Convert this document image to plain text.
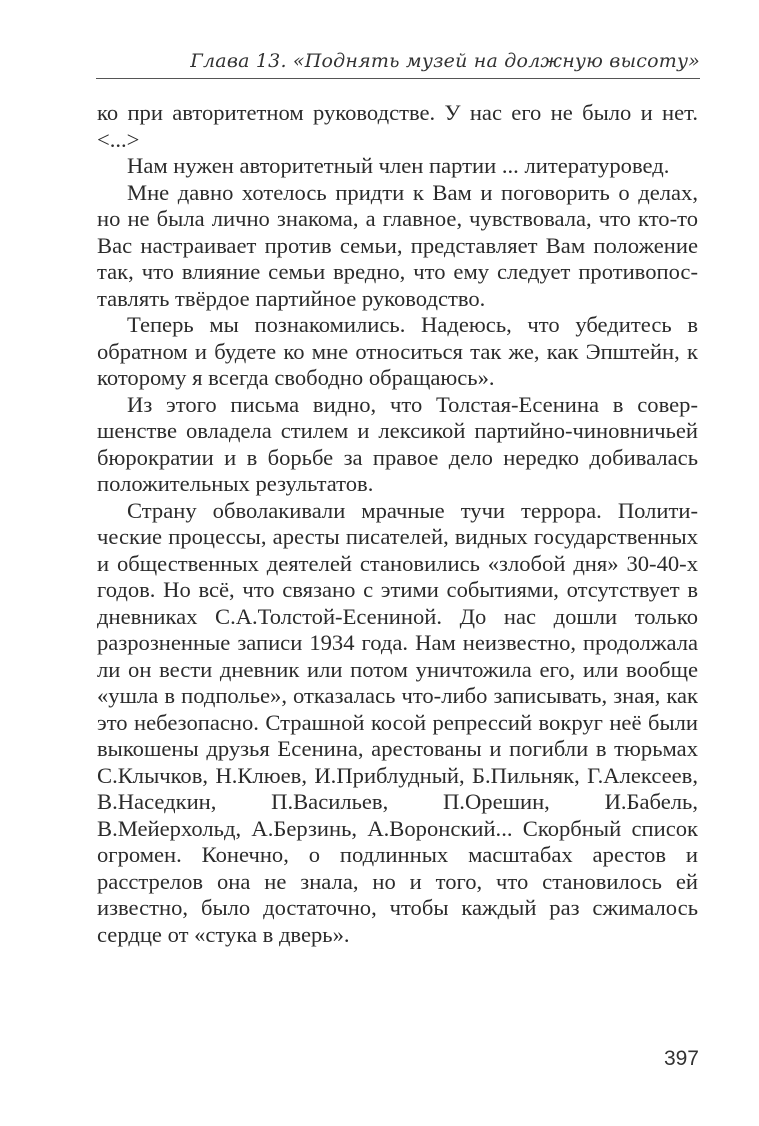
Глава 13. «Поднять музей на должную высоту»

ко при авторитетном руководстве. У нас его не было и нет. <...>

Нам нужен авторитетный член партии ... литературовед.

Мне давно хотелось придти к Вам и поговорить о делах, но не была лично знакома, а главное, чувствовала, что кто-то Вас настраивает против семьи, представляет Вам положение так, что влияние семьи вредно, что ему следует противопоставлять твёрдое партийное руководство.

Теперь мы познакомились. Надеюсь, что убедитесь в обратном и будете ко мне относиться так же, как Эпштейн, к которому я всегда свободно обращаюсь».

Из этого письма видно, что Толстая-Есенина в совершенстве овладела стилем и лексикой партийно-чиновничьей бюрократии и в борьбе за правое дело нередко добивалась положительных результатов.

Страну обволакивали мрачные тучи террора. Политические процессы, аресты писателей, видных государственных и общественных деятелей становились «злобой дня» 30-40-х годов. Но всё, что связано с этими событиями, отсутствует в дневниках С.А.Толстой-Есениной. До нас дошли только разрозненные записи 1934 года. Нам неизвестно, продолжала ли он вести дневник или потом уничтожила его, или вообще «ушла в подполье», отказалась что-либо записывать, зная, как это небезопасно. Страшной косой репрессий вокруг неё были выкошены друзья Есенина, арестованы и погибли в тюрьмах С.Клычков, Н.Клюев, И.Приблудный, Б.Пильняк, Г.Алексеев, В.Наседкин, П.Васильев, П.Орешин, И.Бабель, В.Мейерхольд, А.Берзинь, А.Воронский... Скорбный список огромен. Конечно, о подлинных масштабах арестов и расстрелов она не знала, но и того, что становилось ей известно, было достаточно, чтобы каждый раз сжималось сердце от «стука в дверь».

397
